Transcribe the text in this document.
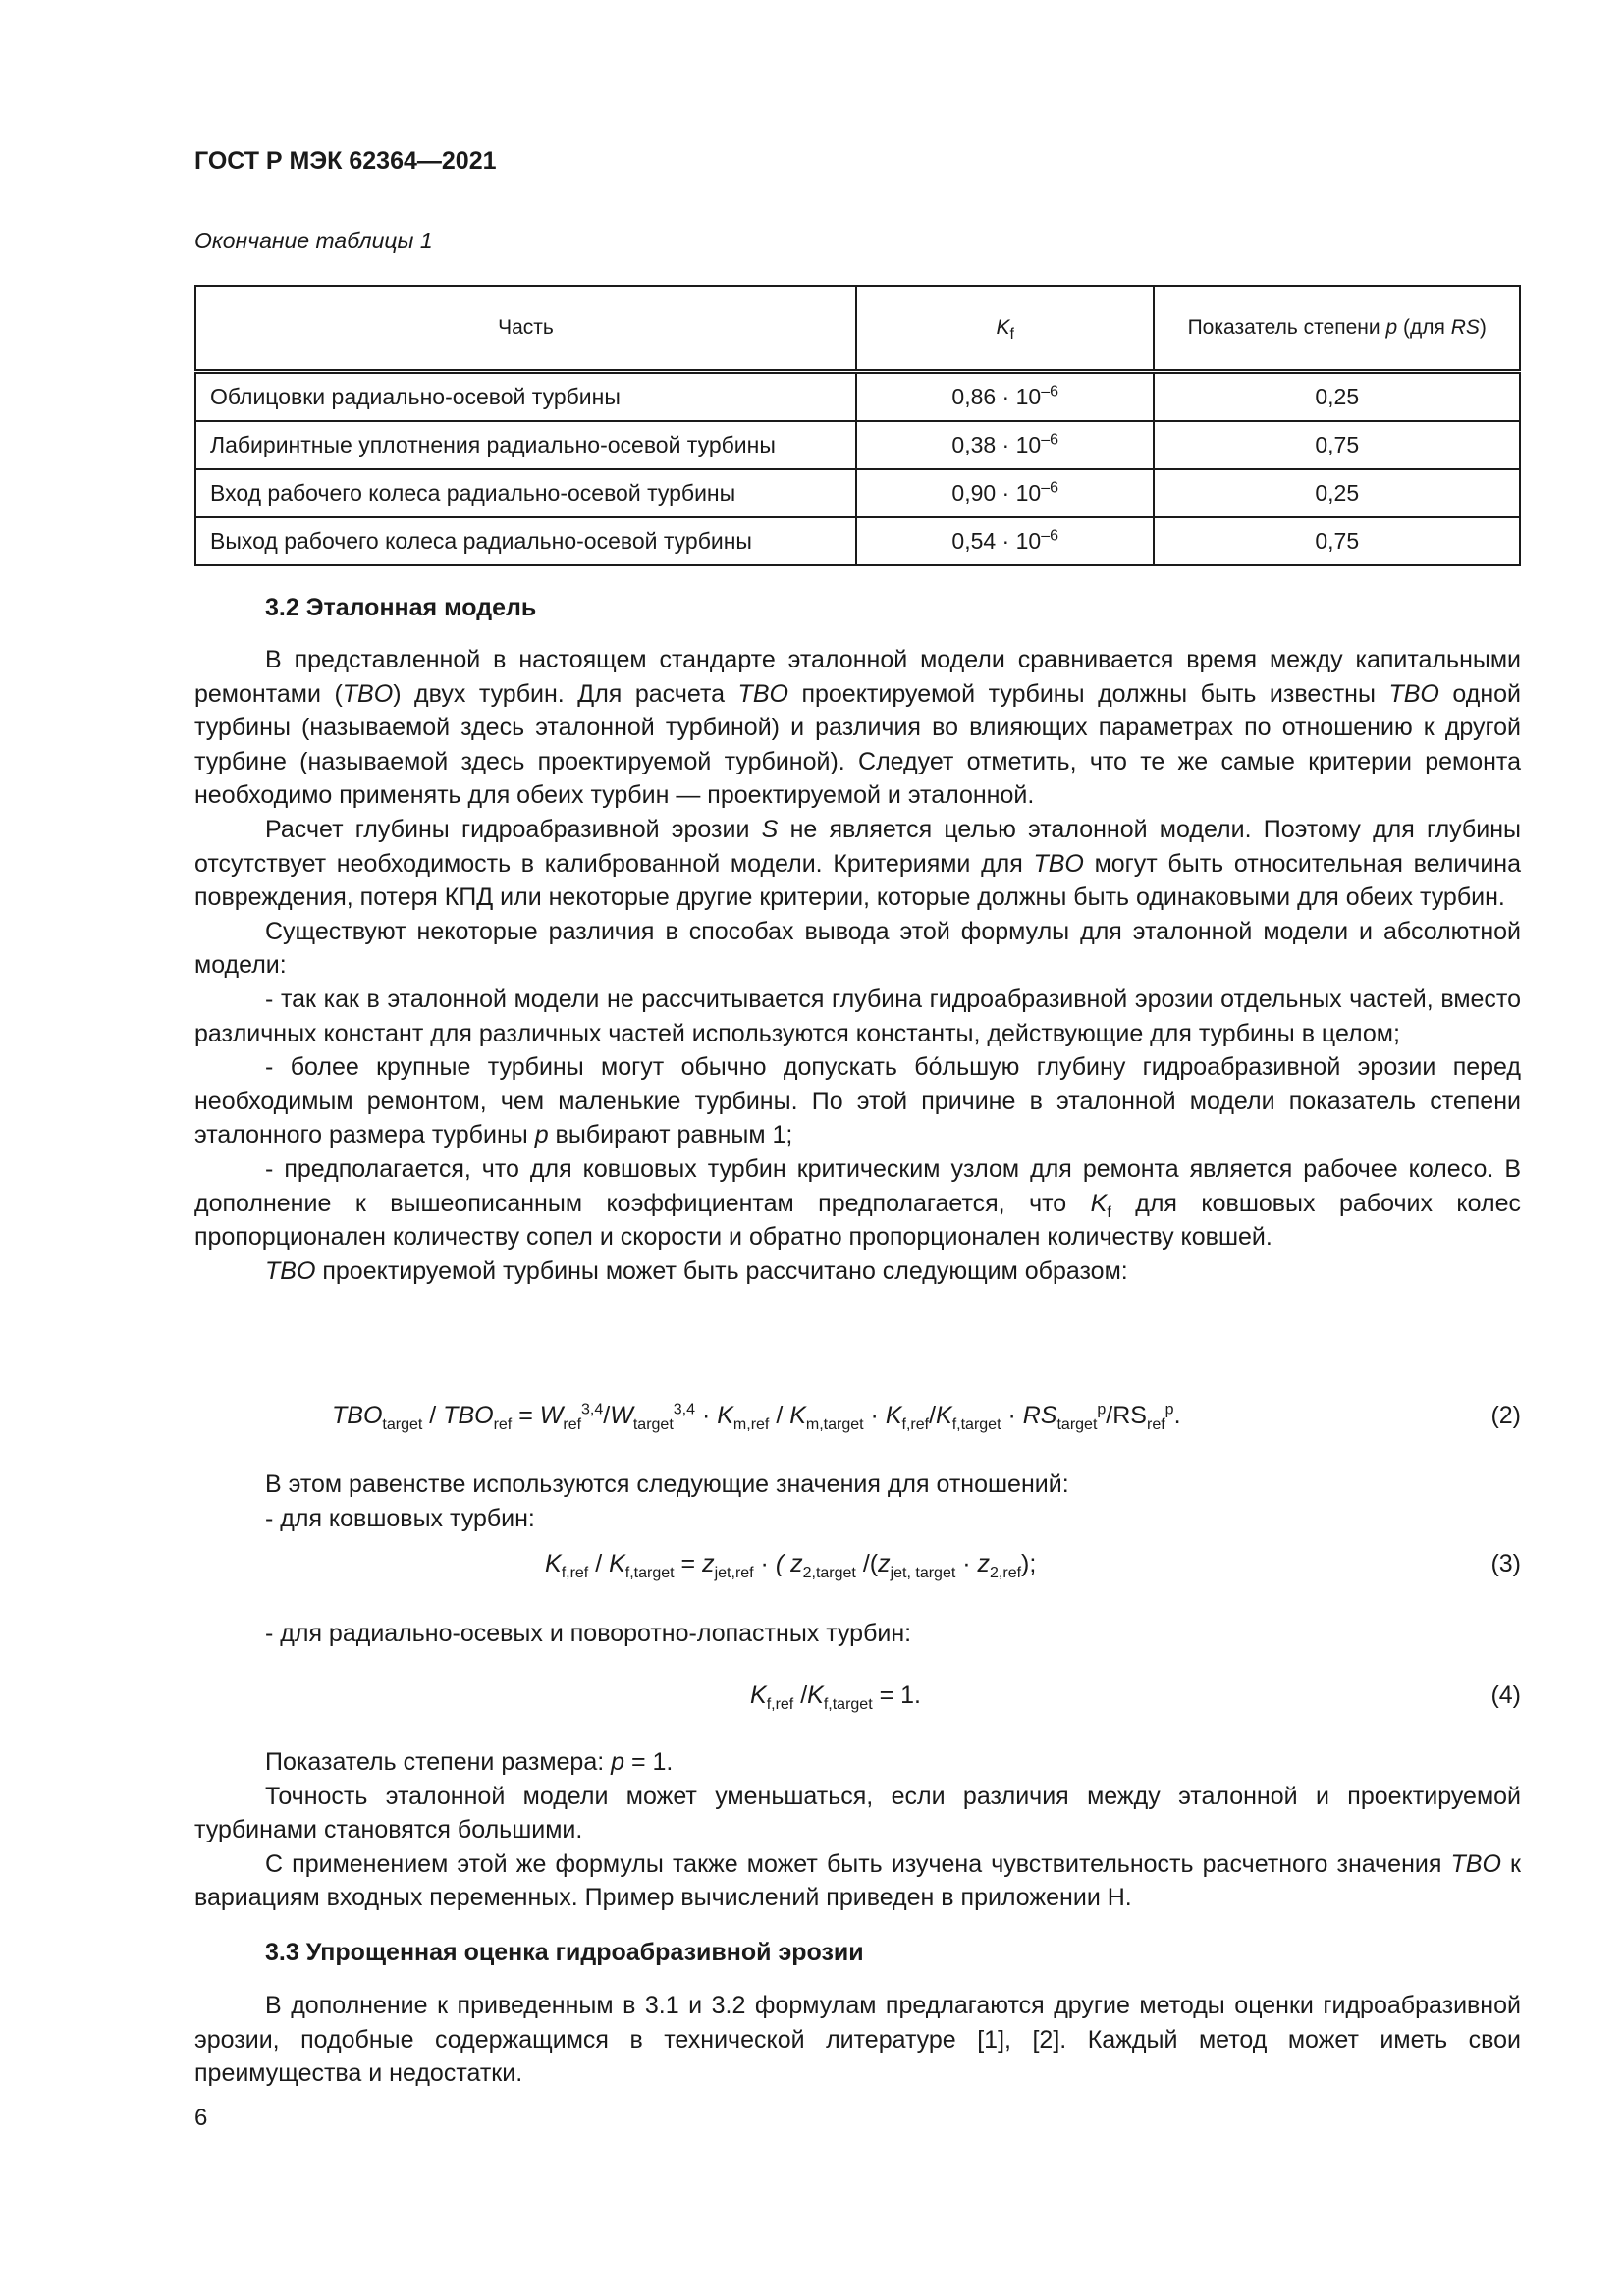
ГОСТ Р МЭК 62364—2021
Окончание таблицы 1
Часть	$K_f$	Показатель степени p (для RS)
Облицовки радиально-осевой турбины	$0,86 \cdot 10^{-6}$	0,25
Лабиринтные уплотнения радиально-осевой турбины	$0,38 \cdot 10^{-6}$	0,75
Вход рабочего колеса радиально-осевой турбины	$0,90 \cdot 10^{-6}$	0,25
Выход рабочего колеса радиально-осевой турбины	$0,54 \cdot 10^{-6}$	0,75
3.2 Эталонная модель

В представленной в настоящем стандарте эталонной модели сравнивается время между капитальными ремонтами (TBO) двух турбин. Для расчета TBO проектируемой турбины должны быть известны TBO одной турбины (называемой здесь эталонной турбиной) и различия во влияющих параметрах по отношению к другой турбине (называемой здесь проектируемой турбиной). Следует отметить, что те же самые критерии ремонта необходимо применять для обеих турбин — проектируемой и эталонной.

Расчет глубины гидроабразивной эрозии S не является целью эталонной модели. Поэтому для глубины отсутствует необходимость в калиброванной модели. Критериями для TBO могут быть относительная величина повреждения, потеря КПД или некоторые другие критерии, которые должны быть одинаковыми для обеих турбин.

Существуют некоторые различия в способах вывода этой формулы для эталонной модели и абсолютной модели:

- так как в эталонной модели не рассчитывается глубина гидроабразивной эрозии отдельных частей, вместо различных констант для различных частей используются константы, действующие для турбины в целом;

- более крупные турбины могут обычно допускать бо́льшую глубину гидроабразивной эрозии перед необходимым ремонтом, чем маленькие турбины. По этой причине в эталонной модели показатель степени эталонного размера турбины p выбирают равным 1;

- предполагается, что для ковшовых турбин критическим узлом для ремонта является рабочее колесо. В дополнение к вышеописанным коэффициентам предполагается, что $K_f$ для ковшовых рабочих колес пропорционален количеству сопел и скорости и обратно пропорционален количеству ковшей.

TBO проектируемой турбины может быть рассчитано следующим образом:

$TBO_{target} / TBO_{ref} = W_{ref}^{3,4}/W_{target}^{3,4} \cdot K_{m,ref} / K_{m,target} \cdot K_{f,ref}/K_{f,target} \cdot RS_{target}^p/RS_{ref}^p$.	(2)

В этом равенстве используются следующие значения для отношений:

- для ковшовых турбин:

$K_{f,ref} / K_{f,target} = z_{jet,ref}$ · ( $z_{2,target}$ $/(z_{jet, target} \cdot z_{2,ref})$;	(3)

- для радиально-осевых и поворотно-лопастных турбин:

$K_{f,ref}$ $/K_{f,target} = 1$.	(4)

Показатель степени размера: p = 1.

Точность эталонной модели может уменьшаться, если различия между эталонной и проектируемой турбинами становятся большими.

С применением этой же формулы также может быть изучена чувствительность расчетного значения TBO к вариациям входных переменных. Пример вычислений приведен в приложении Н.

3.3 Упрощенная оценка гидроабразивной эрозии

В дополнение к приведенным в 3.1 и 3.2 формулам предлагаются другие методы оценки гидроабразивной эрозии, подобные содержащимся в технической литературе [1], [2]. Каждый метод может иметь свои преимущества и недостатки.

6
